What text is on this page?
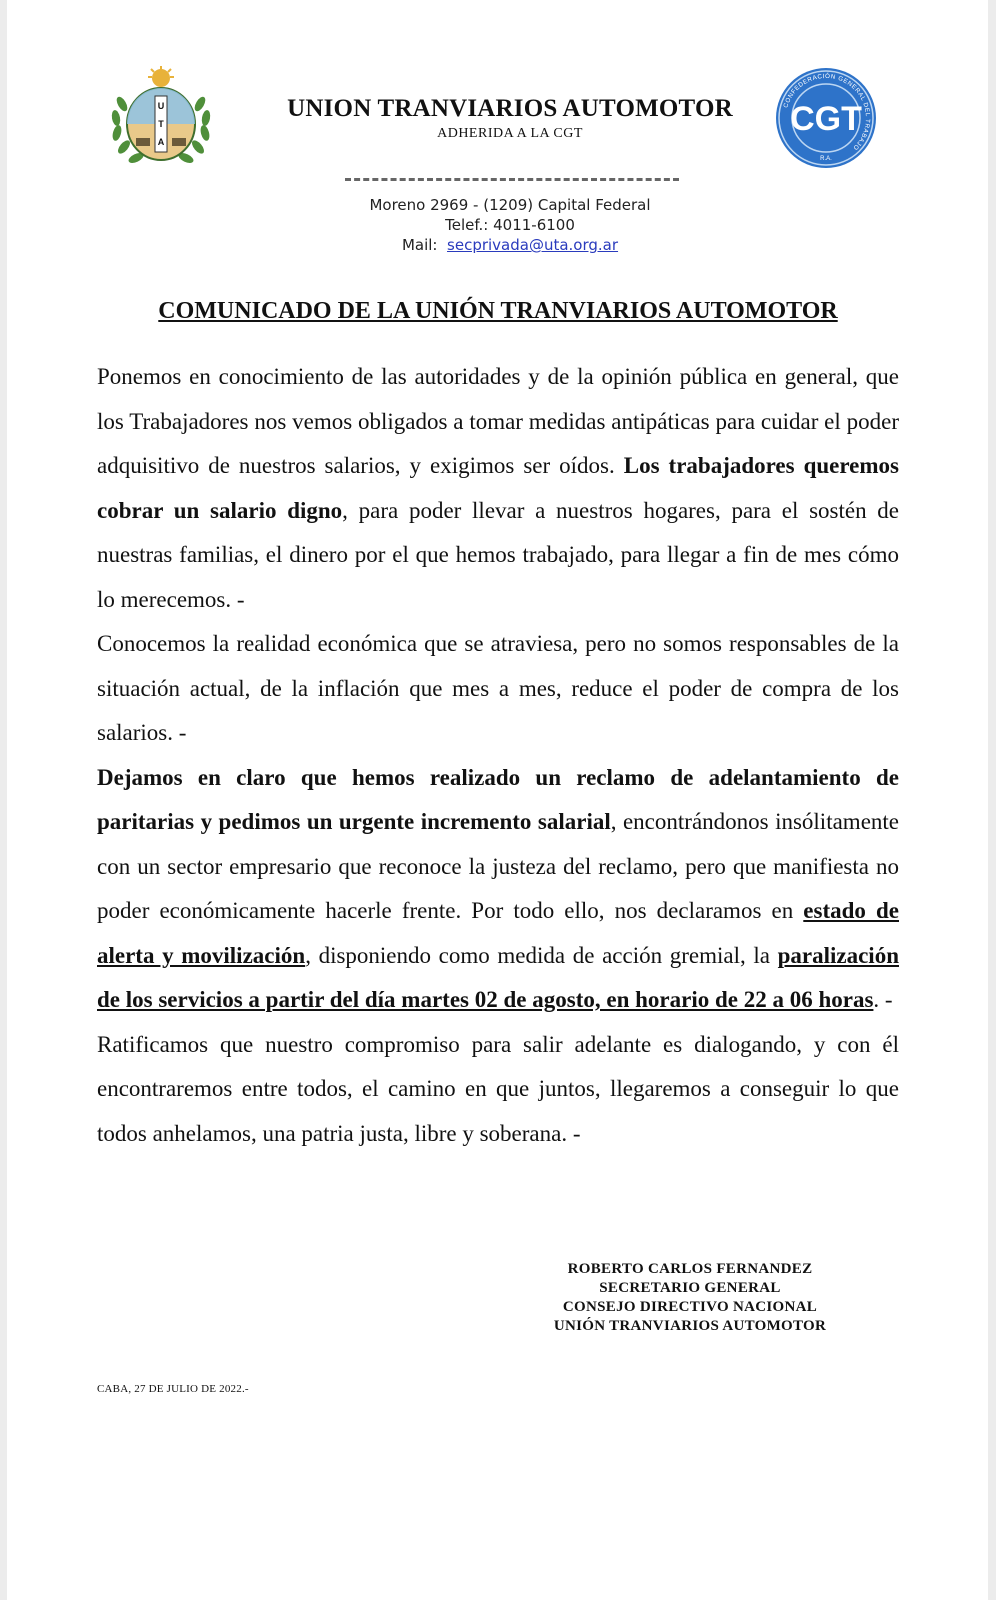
U
T
A
CONFEDERACIÓN GENERAL DEL TRABAJO
CGT
R.A.
UNION TRANVIARIOS AUTOMOTOR
ADHERIDA A LA CGT
Moreno 2969 - (1209) Capital Federal
Telef.: 4011-6100
Mail: secprivada@uta.org.ar
COMUNICADO DE LA UNIÓN TRANVIARIOS AUTOMOTOR

Ponemos en conocimiento de las autoridades y de la opinión pública en general, que los Trabajadores nos vemos obligados a tomar medidas antipáticas para cuidar el poder adquisitivo de nuestros salarios, y exigimos ser oídos. Los trabajadores queremos cobrar un salario digno, para poder llevar a nuestros hogares, para el sostén de nuestras familias, el dinero por el que hemos trabajado, para llegar a fin de mes cómo lo merecemos. -

Conocemos la realidad económica que se atraviesa, pero no somos responsables de la situación actual, de la inflación que mes a mes, reduce el poder de compra de los salarios. -

Dejamos en claro que hemos realizado un reclamo de adelantamiento de paritarias y pedimos un urgente incremento salarial, encontrándonos insólitamente con un sector empresario que reconoce la justeza del reclamo, pero que manifiesta no poder económicamente hacerle frente. Por todo ello, nos declaramos en estado de alerta y movilización, disponiendo como medida de acción gremial, la paralización de los servicios a partir del día martes 02 de agosto, en horario de 22 a 06 horas. -

Ratificamos que nuestro compromiso para salir adelante es dialogando, y con él encontraremos entre todos, el camino en que juntos, llegaremos a conseguir lo que todos anhelamos, una patria justa, libre y soberana. -

ROBERTO CARLOS FERNANDEZ
SECRETARIO GENERAL
CONSEJO DIRECTIVO NACIONAL
UNIÓN TRANVIARIOS AUTOMOTOR
CABA, 27 DE JULIO DE 2022.-
